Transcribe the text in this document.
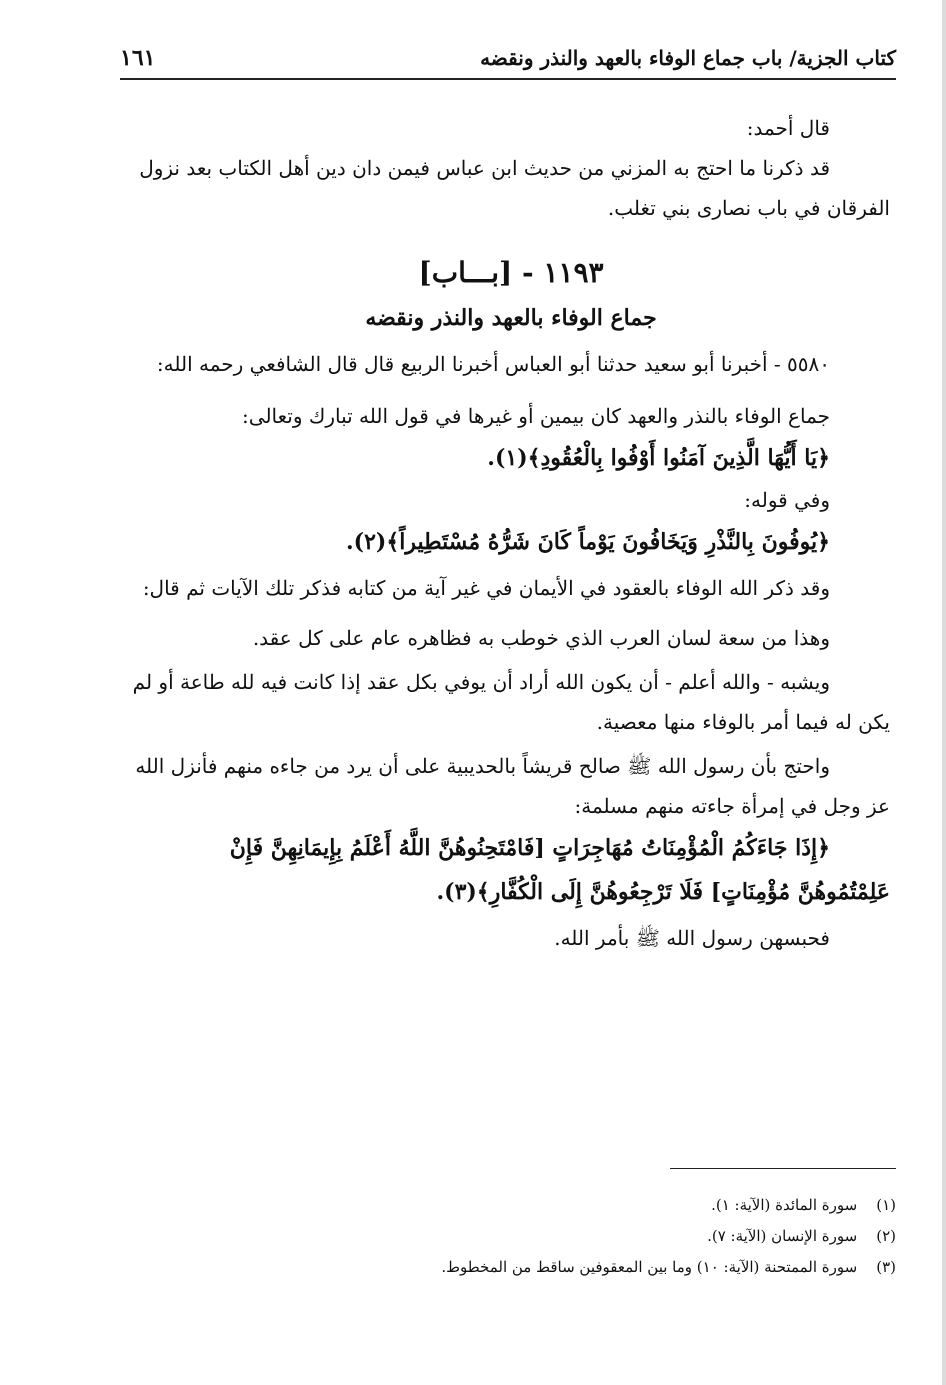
١٦١	كتاب الجزية/ باب جماع الوفاء بالعهد والنذر ونقضه
قال أحمد:
قد ذكرنا ما احتج به المزني من حديث ابن عباس فيمن دان دين أهل الكتاب بعد نزول الفرقان في باب نصارى بني تغلب.
١١٩٣ - [بـــاب]
جماع الوفاء بالعهد والنذر ونقضه
٥٥٨٠ - أخبرنا أبو سعيد حدثنا أبو العباس أخبرنا الربيع قال قال الشافعي رحمه الله:
جماع الوفاء بالنذر والعهد كان بيمين أو غيرها في قول الله تبارك وتعالى:
﴿يَا أَيُّهَا الَّذِينَ آمَنُوا أَوْفُوا بِالْعُقُودِ﴾(١).
وفي قوله:
﴿يُوفُونَ بِالنَّذْرِ وَيَخَافُونَ يَوْماً كَانَ شَرُّهُ مُسْتَطِيراً﴾(٢).
وقد ذكر الله الوفاء بالعقود في الأيمان في غير آية من كتابه فذكر تلك الآيات ثم قال:
وهذا من سعة لسان العرب الذي خوطب به فظاهره عام على كل عقد.
ويشبه - والله أعلم - أن يكون الله أراد أن يوفي بكل عقد إذا كانت فيه لله طاعة أو لم يكن له فيما أمر بالوفاء منها معصية.
واحتج بأن رسول الله ﷺ صالح قريشاً بالحديبية على أن يرد من جاءه منهم فأنزل الله عز وجل في إمرأة جاءته منهم مسلمة:
﴿إِذَا جَاءَكُمُ الْمُؤْمِنَاتُ مُهَاجِرَاتٍ [فَامْتَحِنُوهُنَّ اللَّهُ أَعْلَمُ بِإِيمَانِهِنَّ فَإِنْ عَلِمْتُمُوهُنَّ مُؤْمِنَاتٍ] فَلَا تَرْجِعُوهُنَّ إِلَى الْكُفَّارِ﴾(٣).
فحبسهن رسول الله ﷺ بأمر الله.
(١) سورة المائدة (الآية: ١).
(٢) سورة الإنسان (الآية: ٧).
(٣) سورة الممتحنة (الآية: ١٠) وما بين المعقوفين ساقط من المخطوط.
